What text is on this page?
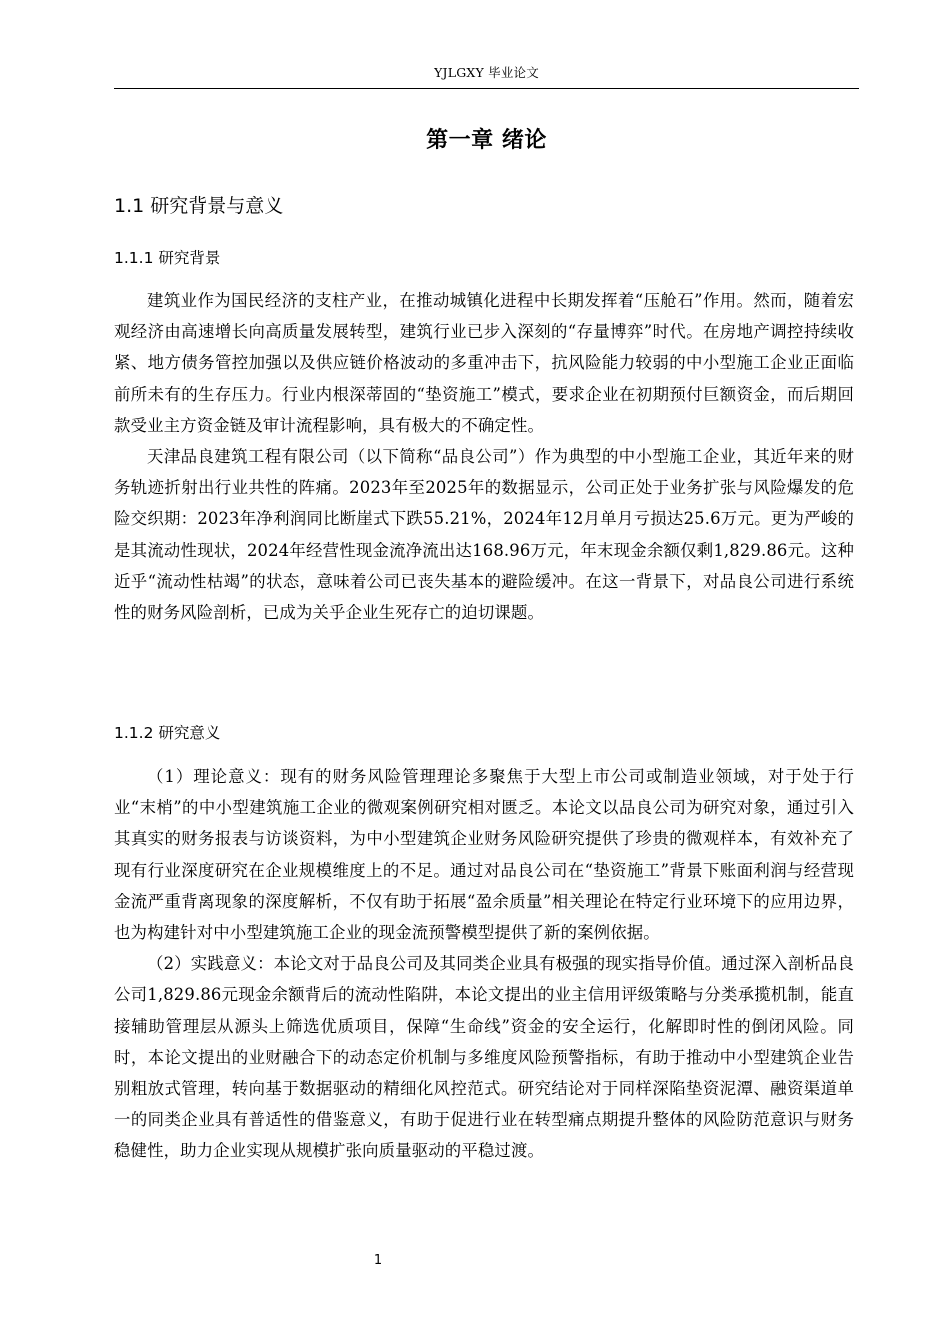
YJLGXY 毕业论文
第一章 绪论
1.1 研究背景与意义
1.1.1 研究背景

建筑业作为国民经济的支柱产业，在推动城镇化进程中长期发挥着“压舱石”作用。然而，随着宏观经济由高速增长向高质量发展转型，建筑行业已步入深刻的“存量博弈”时代。在房地产调控持续收紧、地方债务管控加强以及供应链价格波动的多重冲击下，抗风险能力较弱的中小型施工企业正面临前所未有的生存压力。行业内根深蒂固的“垫资施工”模式，要求企业在初期预付巨额资金，而后期回款受业主方资金链及审计流程影响，具有极大的不确定性。

天津品良建筑工程有限公司（以下简称“品良公司”）作为典型的中小型施工企业，其近年来的财务轨迹折射出行业共性的阵痛。2023年至2025年的数据显示，公司正处于业务扩张与风险爆发的危险交织期：2023年净利润同比断崖式下跌55.21%，2024年12月单月亏损达25.6万元。更为严峻的是其流动性现状，2024年经营性现金流净流出达168.96万元，年末现金余额仅剩1,829.86元。这种近乎“流动性枯竭”的状态，意味着公司已丧失基本的避险缓冲。在这一背景下，对品良公司进行系统性的财务风险剖析，已成为关乎企业生死存亡的迫切课题。

1.1.2 研究意义

（1）理论意义：现有的财务风险管理理论多聚焦于大型上市公司或制造业领域，对于处于行业“末梢”的中小型建筑施工企业的微观案例研究相对匮乏。本论文以品良公司为研究对象，通过引入其真实的财务报表与访谈资料，为中小型建筑企业财务风险研究提供了珍贵的微观样本，有效补充了现有行业深度研究在企业规模维度上的不足。通过对品良公司在“垫资施工”背景下账面利润与经营现金流严重背离现象的深度解析，不仅有助于拓展“盈余质量”相关理论在特定行业环境下的应用边界，也为构建针对中小型建筑施工企业的现金流预警模型提供了新的案例依据。

（2）实践意义：本论文对于品良公司及其同类企业具有极强的现实指导价值。通过深入剖析品良公司1,829.86元现金余额背后的流动性陷阱，本论文提出的业主信用评级策略与分类承揽机制，能直接辅助管理层从源头上筛选优质项目，保障“生命线”资金的安全运行，化解即时性的倒闭风险。同时，本论文提出的业财融合下的动态定价机制与多维度风险预警指标，有助于推动中小型建筑企业告别粗放式管理，转向基于数据驱动的精细化风控范式。研究结论对于同样深陷垫资泥潭、融资渠道单一的同类企业具有普适性的借鉴意义，有助于促进行业在转型痛点期提升整体的风险防范意识与财务稳健性，助力企业实现从规模扩张向质量驱动的平稳过渡。

1
